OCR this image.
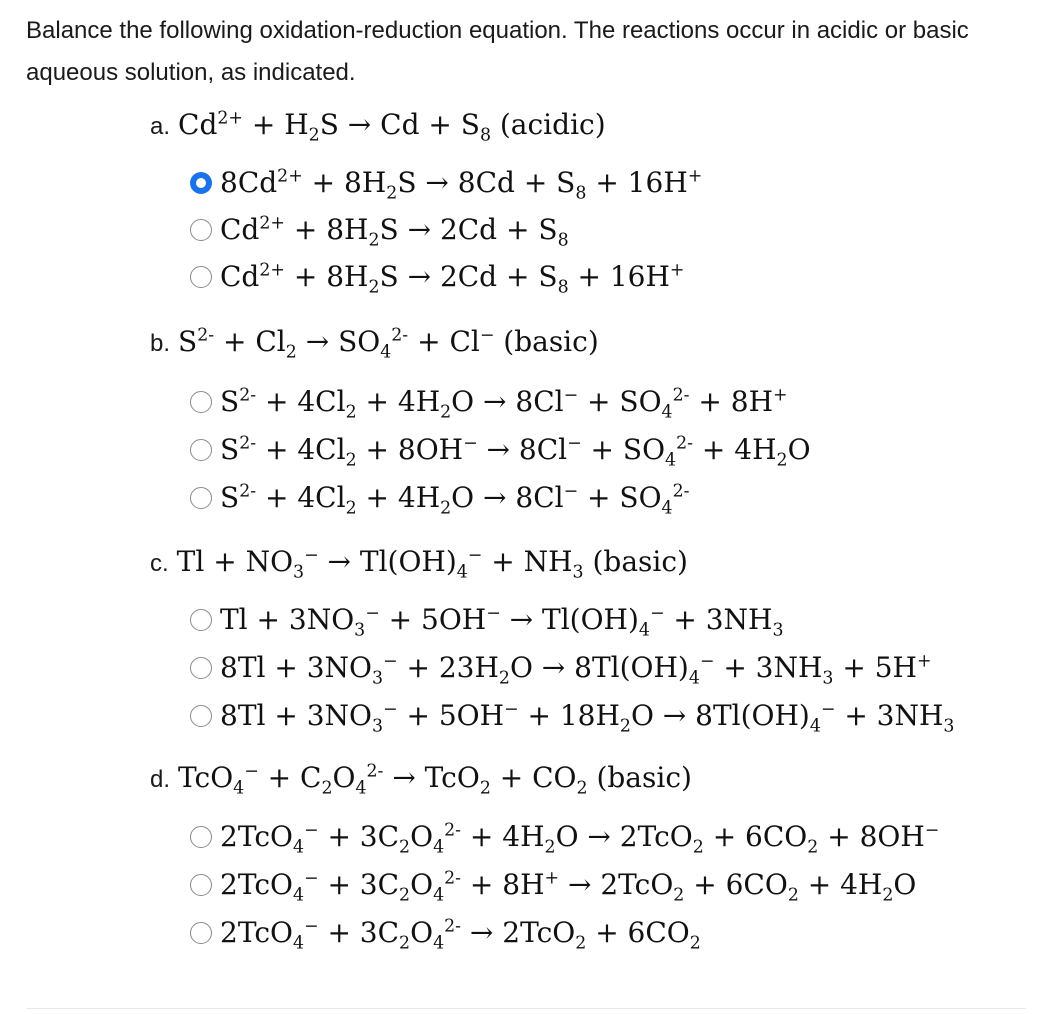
Balance the following oxidation-reduction equation. The reactions occur in acidic or basic aqueous solution, as indicated.
a. $Cd^{2+} + H_2S \to Cd + S_8$ (acidic)
$8Cd^{2+} + 8H_2S \to 8Cd + S_8 + 16H^+$
$Cd^{2+} + 8H_2S \to 2Cd + S_8$
$Cd^{2+} + 8H_2S \to 2Cd + S_8 + 16H^+$
b. $S^{2-} + Cl_2 \to SO_4^{2-} + Cl^-$ (basic)
$S^{2-} + 4Cl_2 + 4H_2O \to 8Cl^- + SO_4^{2-} + 8H^+$
$S^{2-} + 4Cl_2 + 8OH^- \to 8Cl^- + SO_4^{2-} + 4H_2O$
$S^{2-} + 4Cl_2 + 4H_2O \to 8Cl^- + SO_4^{2-}$
c. $Tl + NO_3^- \to Tl(OH)_4^- + NH_3$ (basic)
$Tl + 3NO_3^- + 5OH^- \to Tl(OH)_4^- + 3NH_3$
$8Tl + 3NO_3^- + 23H_2O \to 8Tl(OH)_4^- + 3NH_3 + 5H^+$
$8Tl + 3NO_3^- + 5OH^- + 18H_2O \to 8Tl(OH)_4^- + 3NH_3$
d. $TcO_4^- + C_2O_4^{2-} \to TcO_2 + CO_2$ (basic)
$2TcO_4^- + 3C_2O_4^{2-} + 4H_2O \to 2TcO_2 + 6CO_2 + 8OH^-$
$2TcO_4^- + 3C_2O_4^{2-} + 8H^+ \to 2TcO_2 + 6CO_2 + 4H_2O$
$2TcO_4^- + 3C_2O_4^{2-} \to 2TcO_2 + 6CO_2$
